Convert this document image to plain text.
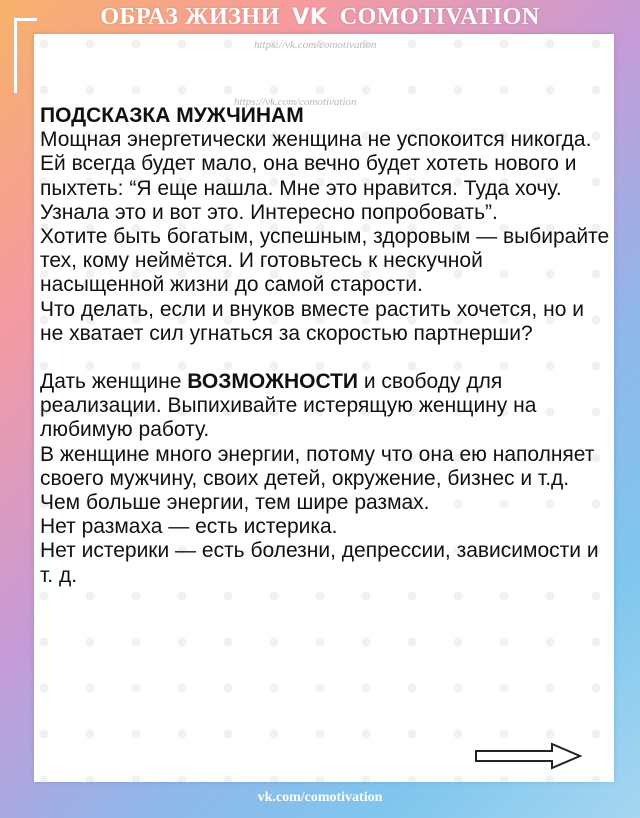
ОБРАЗ ЖИЗНИ VK COMOTIVATION
https://vk.com/comotivation
https://vk.com/comotivation

ПОДСКАЗКА МУЖЧИНАМ

Мощная энергетически женщина не успокоится никогда. Ей всегда будет мало, она вечно будет хотеть нового и пыхтеть: “Я еще нашла. Мне это нравится. Туда хочу. Узнала это и вот это. Интересно попробовать”.

Хотите быть богатым, успешным, здоровым — выбирайте тех, кому неймётся. И готовьтесь к нескучной насыщенной жизни до самой старости.

Что делать, если и внуков вместе растить хочется, но и не хватает сил угнаться за скоростью партнерши?

Дать женщине ВОЗМОЖНОСТИ и свободу для реализации. Выпихивайте истерящую женщину на любимую работу.

В женщине много энергии, потому что она ею наполняет своего мужчину, своих детей, окружение, бизнес и т.д.

Чем больше энергии, тем шире размах.

Нет размаха — есть истерика.

Нет истерики — есть болезни, депрессии, зависимости и т. д.

vk.com/comotivation
